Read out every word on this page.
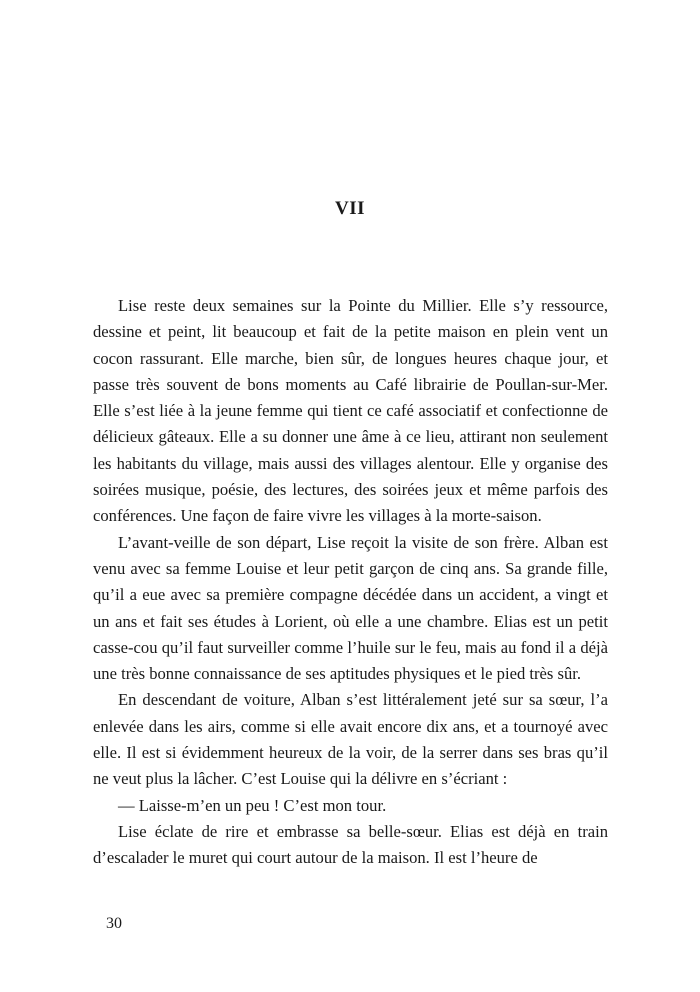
VII

Lise reste deux semaines sur la Pointe du Millier. Elle s’y ressource, dessine et peint, lit beaucoup et fait de la petite maison en plein vent un cocon rassurant. Elle marche, bien sûr, de longues heures chaque jour, et passe très souvent de bons moments au Café librairie de Poullan-sur-Mer. Elle s’est liée à la jeune femme qui tient ce café associatif et confectionne de délicieux gâteaux. Elle a su donner une âme à ce lieu, attirant non seulement les habitants du village, mais aussi des villages alentour. Elle y organise des soirées musique, poésie, des lectures, des soirées jeux et même parfois des conférences. Une façon de faire vivre les villages à la morte-saison.

L’avant-veille de son départ, Lise reçoit la visite de son frère. Alban est venu avec sa femme Louise et leur petit garçon de cinq ans. Sa grande fille, qu’il a eue avec sa première compagne décédée dans un accident, a vingt et un ans et fait ses études à Lorient, où elle a une chambre. Elias est un petit casse-cou qu’il faut surveiller comme l’huile sur le feu, mais au fond il a déjà une très bonne connaissance de ses aptitudes physiques et le pied très sûr.

En descendant de voiture, Alban s’est littéralement jeté sur sa sœur, l’a enlevée dans les airs, comme si elle avait encore dix ans, et a tournoyé avec elle. Il est si évidemment heureux de la voir, de la serrer dans ses bras qu’il ne veut plus la lâcher. C’est Louise qui la délivre en s’écriant :

— Laisse-m’en un peu ! C’est mon tour.

Lise éclate de rire et embrasse sa belle-sœur. Elias est déjà en train d’escalader le muret qui court autour de la maison. Il est l’heure de

30
